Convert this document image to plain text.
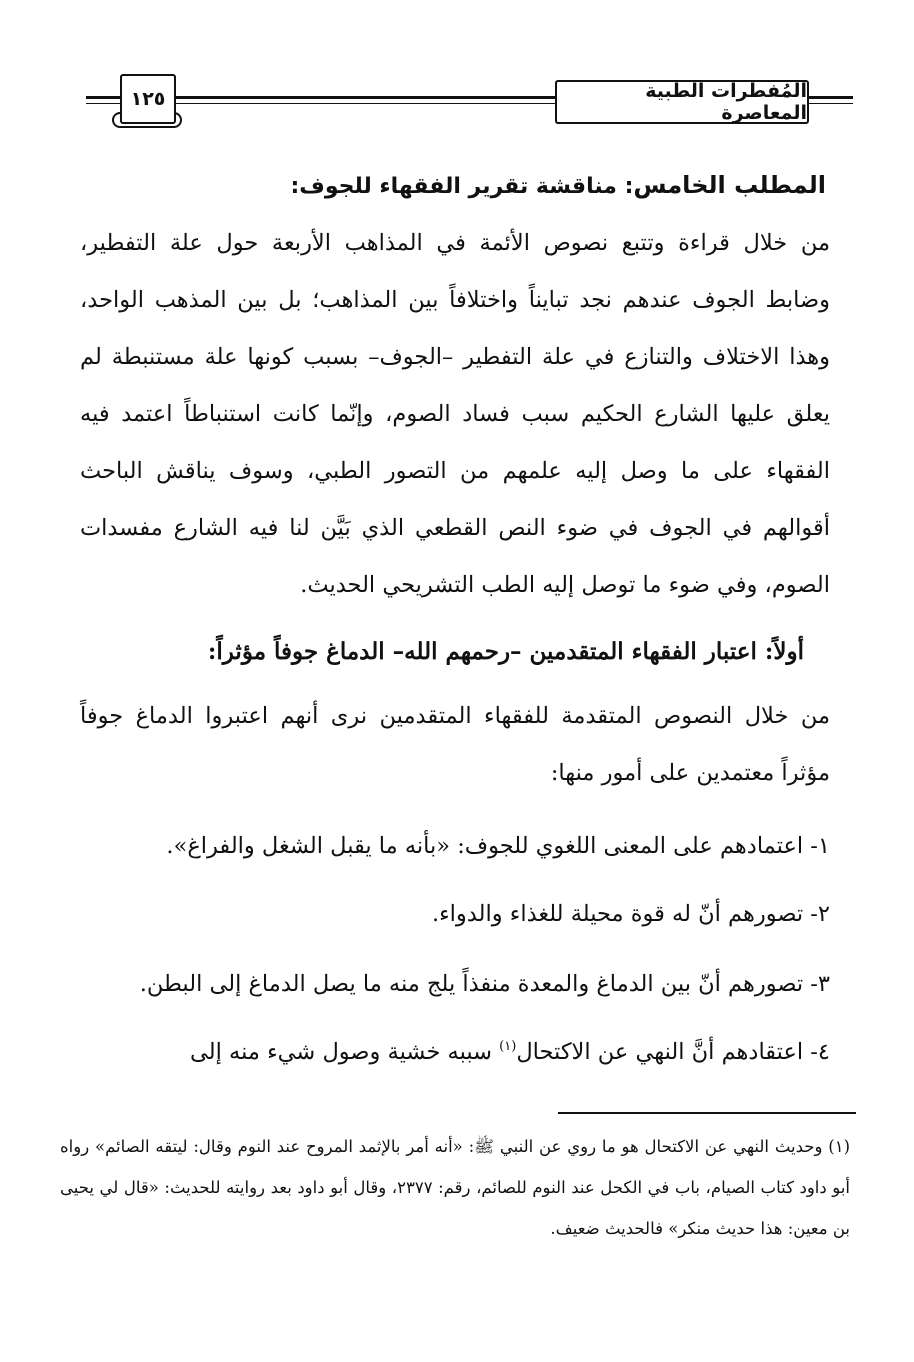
المُفطرات الطبية المعاصرة
١٢٥
المطلب الخامس: مناقشة تقرير الفقهاء للجوف:
من خلال قراءة وتتبع نصوص الأئمة في المذاهب الأربعة حول علة التفطير، وضابط الجوف عندهم نجد تبايناً واختلافاً بين المذاهب؛ بل بين المذهب الواحد، وهذا الاختلاف والتنازع في علة التفطير –الجوف– بسبب كونها علة مستنبطة لم يعلق عليها الشارع الحكيم سبب فساد الصوم، وإنّما كانت استنباطاً اعتمد فيه الفقهاء على ما وصل إليه علمهم من التصور الطبي، وسوف يناقش الباحث أقوالهم في الجوف في ضوء النص القطعي الذي بَيَّن لنا فيه الشارع مفسدات الصوم، وفي ضوء ما توصل إليه الطب التشريحي الحديث.
أولاً: اعتبار الفقهاء المتقدمين –رحمهم الله– الدماغ جوفاً مؤثراً:
من خلال النصوص المتقدمة للفقهاء المتقدمين نرى أنهم اعتبروا الدماغ جوفاً مؤثراً معتمدين على أمور منها:
١- اعتمادهم على المعنى اللغوي للجوف: «بأنه ما يقبل الشغل والفراغ».
٢- تصورهم أنّ له قوة محيلة للغذاء والدواء.
٣- تصورهم أنّ بين الدماغ والمعدة منفذاً يلج منه ما يصل الدماغ إلى البطن.
٤- اعتقادهم أنَّ النهي عن الاكتحال$^{(١)}$ سببه خشية وصول شيء منه إلى
(١) وحديث النهي عن الاكتحال هو ما روي عن النبي ﷺ: «أنه أمر بالإثمد المروح عند النوم وقال: ليتقه الصائم» رواه أبو داود كتاب الصيام، باب في الكحل عند النوم للصائم، رقم: ٢٣٧٧، وقال أبو داود بعد روايته للحديث: «قال لي يحيى بن معين: هذا حديث منكر» فالحديث ضعيف.
